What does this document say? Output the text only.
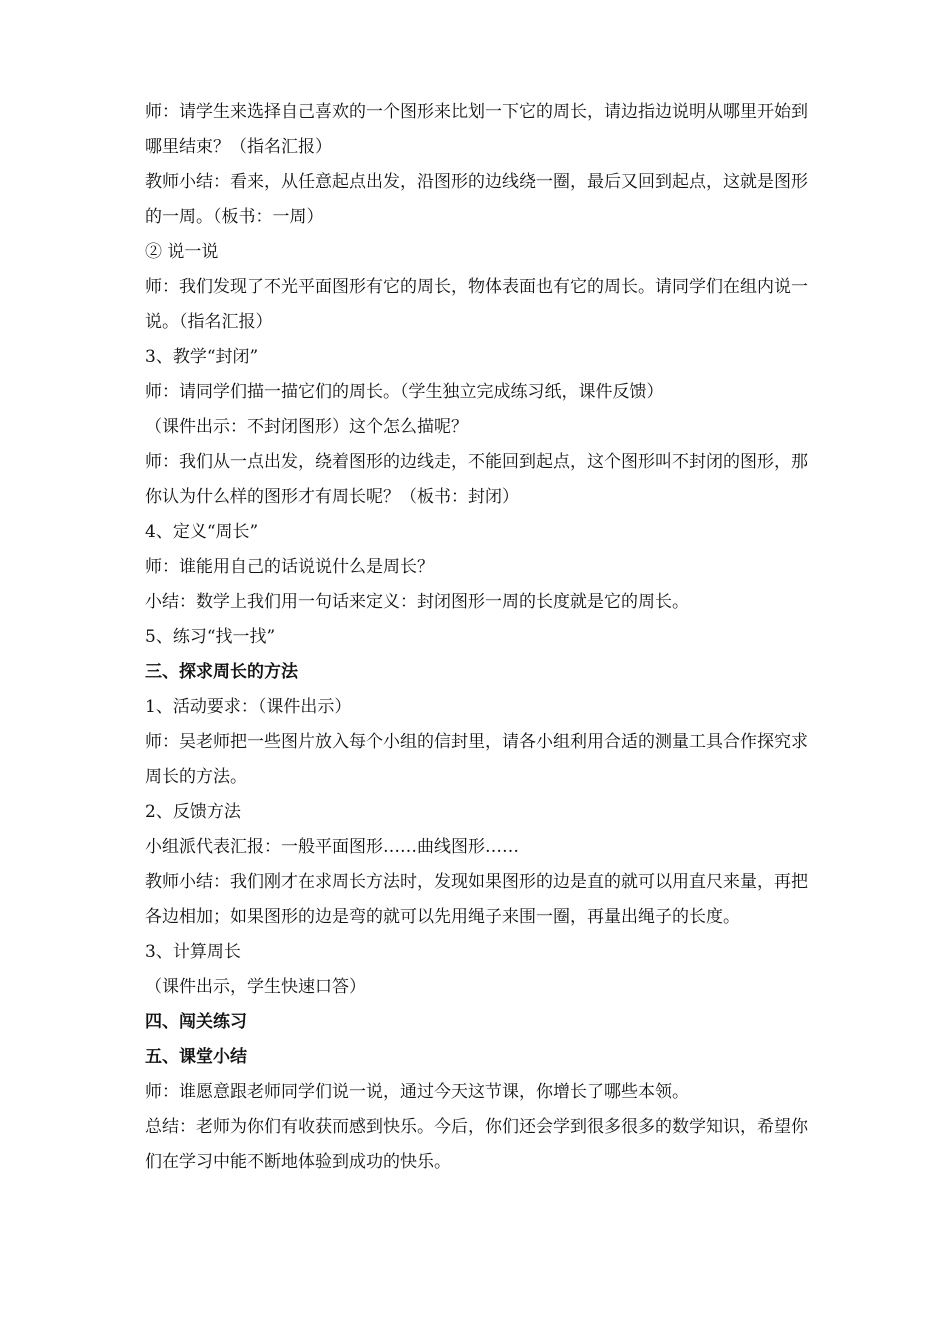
师：请学生来选择自己喜欢的一个图形来比划一下它的周长，请边指边说明从哪里开始到哪里结束？（指名汇报）

教师小结：看来，从任意起点出发，沿图形的边线绕一圈，最后又回到起点，这就是图形的一周。（板书：一周）

② 说一说

师：我们发现了不光平面图形有它的周长，物体表面也有它的周长。请同学们在组内说一说。（指名汇报）

3、教学“封闭”

师：请同学们描一描它们的周长。（学生独立完成练习纸，课件反馈）

（课件出示：不封闭图形）这个怎么描呢？

师：我们从一点出发，绕着图形的边线走，不能回到起点，这个图形叫不封闭的图形，那你认为什么样的图形才有周长呢？（板书：封闭）

4、定义“周长”

师：谁能用自己的话说说什么是周长？

小结：数学上我们用一句话来定义：封闭图形一周的长度就是它的周长。

5、练习“找一找”

三、探求周长的方法

1、活动要求：（课件出示）

师：吴老师把一些图片放入每个小组的信封里，请各小组利用合适的测量工具合作探究求周长的方法。

2、反馈方法

小组派代表汇报：一般平面图形……曲线图形……

教师小结：我们刚才在求周长方法时，发现如果图形的边是直的就可以用直尺来量，再把各边相加；如果图形的边是弯的就可以先用绳子来围一圈，再量出绳子的长度。

3、计算周长

（课件出示，学生快速口答）

四、闯关练习

五、课堂小结

师：谁愿意跟老师同学们说一说，通过今天这节课，你增长了哪些本领。

总结：老师为你们有收获而感到快乐。今后，你们还会学到很多很多的数学知识，希望你们在学习中能不断地体验到成功的快乐。
